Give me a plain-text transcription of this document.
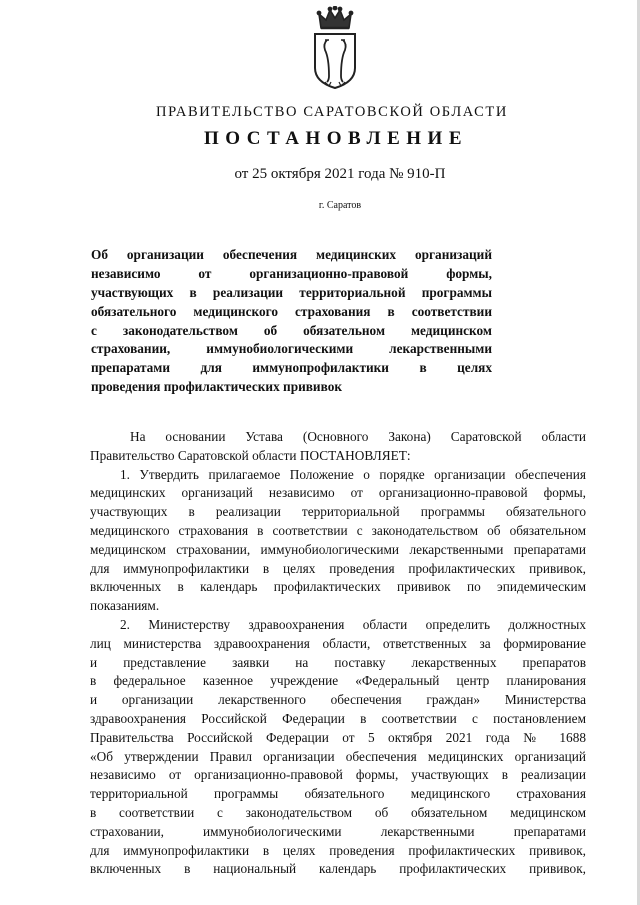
ПРАВИТЕЛЬСТВО САРАТОВСКОЙ ОБЛАСТИ
ПОСТАНОВЛЕНИЕ
от 25 октября 2021 года № 910-П
г. Саратов
Об организации обеспечения медицинских организаций
независимо от организационно-правовой формы,
участвующих в реализации территориальной программы
обязательного медицинского страхования в соответствии
с законодательством об обязательном медицинском
страховании, иммунобиологическими лекарственными
препаратами для иммунопрофилактики в целях
проведения профилактических прививок
На основании Устава (Основного Закона) Саратовской области
Правительство Саратовской области ПОСТАНОВЛЯЕТ:
1. Утвердить прилагаемое Положение о порядке организации обеспечения
медицинских организаций независимо от организационно-правовой формы,
участвующих в реализации территориальной программы обязательного
медицинского страхования в соответствии с законодательством об обязательном
медицинском страховании, иммунобиологическими лекарственными препаратами
для иммунопрофилактики в целях проведения профилактических прививок,
включенных в календарь профилактических прививок по эпидемическим
показаниям.
2. Министерству здравоохранения области определить должностных
лиц министерства здравоохранения области, ответственных за формирование
и представление заявки на поставку лекарственных препаратов
в федеральное казенное учреждение «Федеральный центр планирования
и организации лекарственного обеспечения граждан» Министерства
здравоохранения Российской Федерации в соответствии с постановлением
Правительства Российской Федерации от 5 октября 2021 года № 1688
«Об утверждении Правил организации обеспечения медицинских организаций
независимо от организационно-правовой формы, участвующих в реализации
территориальной программы обязательного медицинского страхования
в соответствии с законодательством об обязательном медицинском
страховании, иммунобиологическими лекарственными препаратами
для иммунопрофилактики в целях проведения профилактических прививок,
включенных в национальный календарь профилактических прививок,
